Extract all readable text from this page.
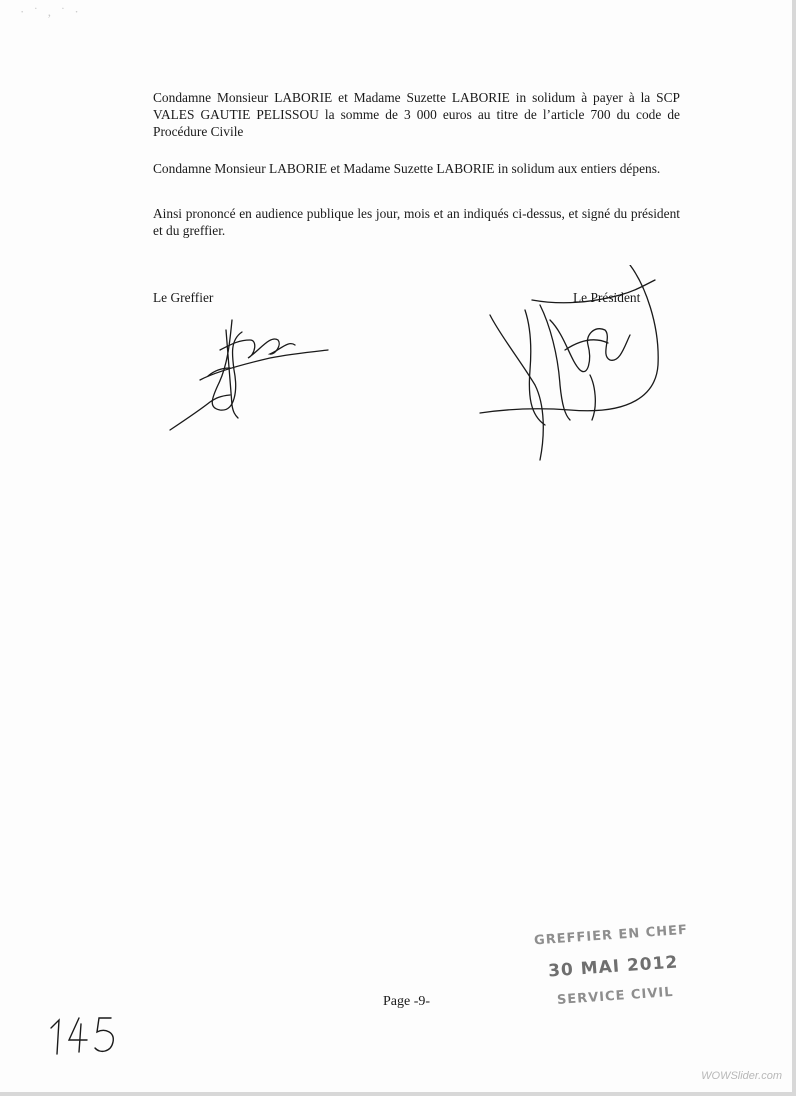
· ˙ ‚ ˙ ·
Condamne Monsieur LABORIE et Madame Suzette LABORIE in solidum à payer à la SCP VALES GAUTIE PELISSOU la somme de 3 000 euros au titre de l’article 700 du code de Procédure Civile
Condamne Monsieur LABORIE et Madame Suzette LABORIE in solidum aux entiers dépens.
Ainsi prononcé en audience publique les jour, mois et an indiqués ci-dessus, et signé du président et du greffier.
Le Greffier	Le Président
GREFFIER EN CHEF
30 MAI 2012
SERVICE CIVIL
Page -9-
WOWSlider.com
